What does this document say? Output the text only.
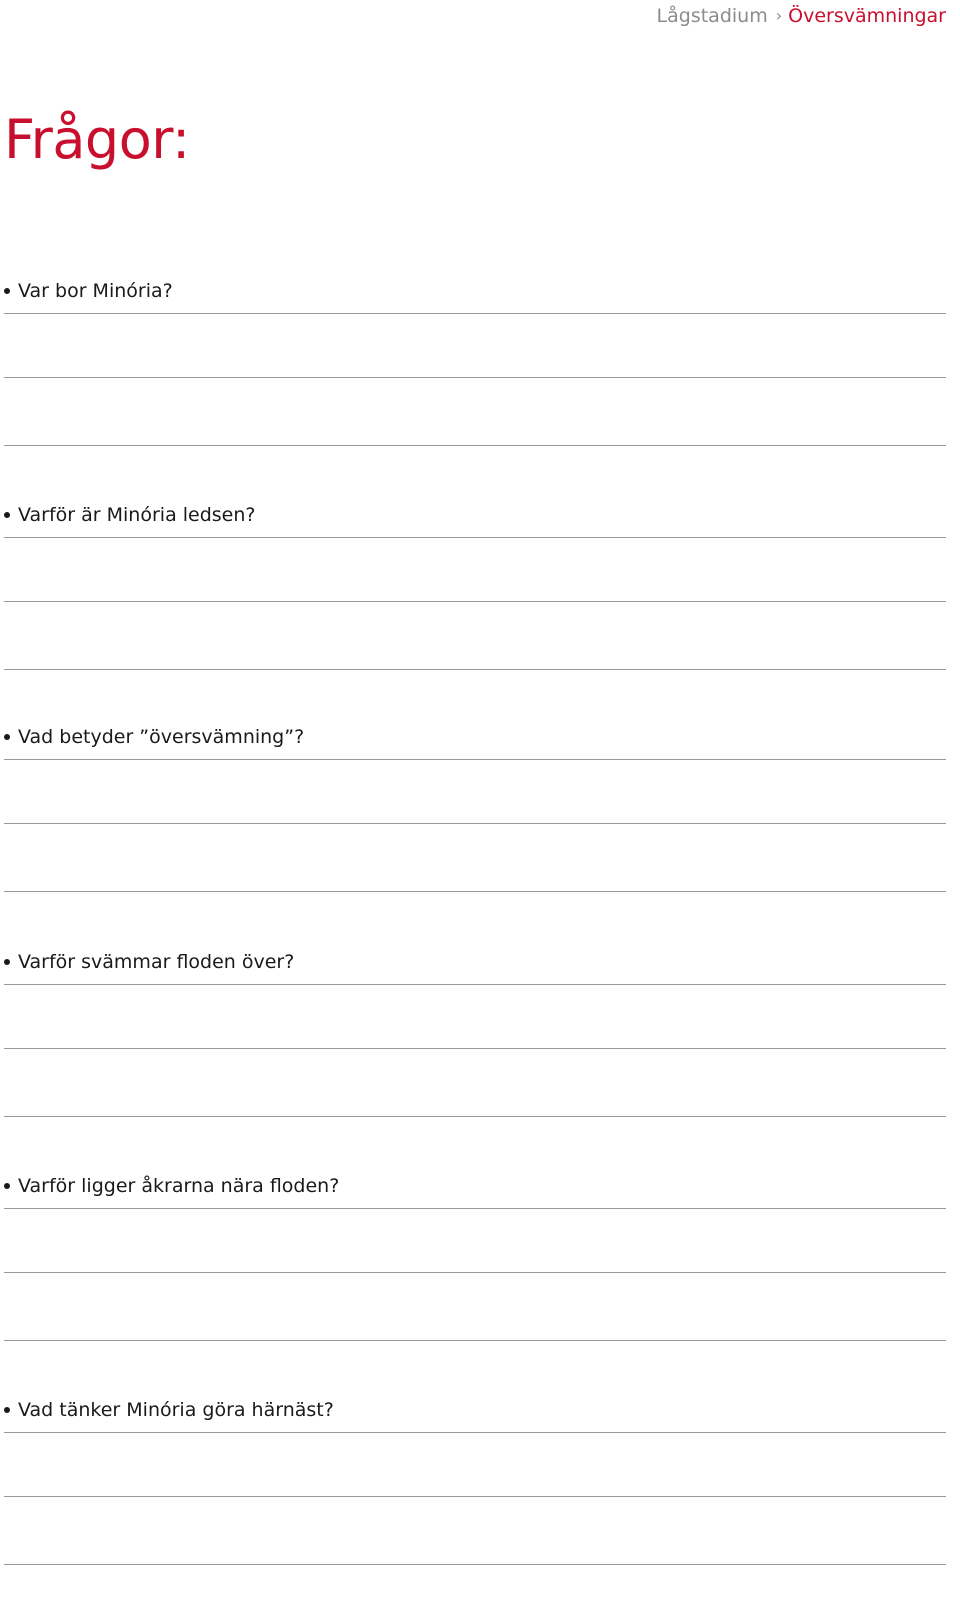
Lågstadium › Översvämningar
Frågor:
Var bor Minória?
Varför är Minória ledsen?
Vad betyder ”översvämning”?
Varför svämmar floden över?
Varför ligger åkrarna nära floden?
Vad tänker Minória göra härnäst?
